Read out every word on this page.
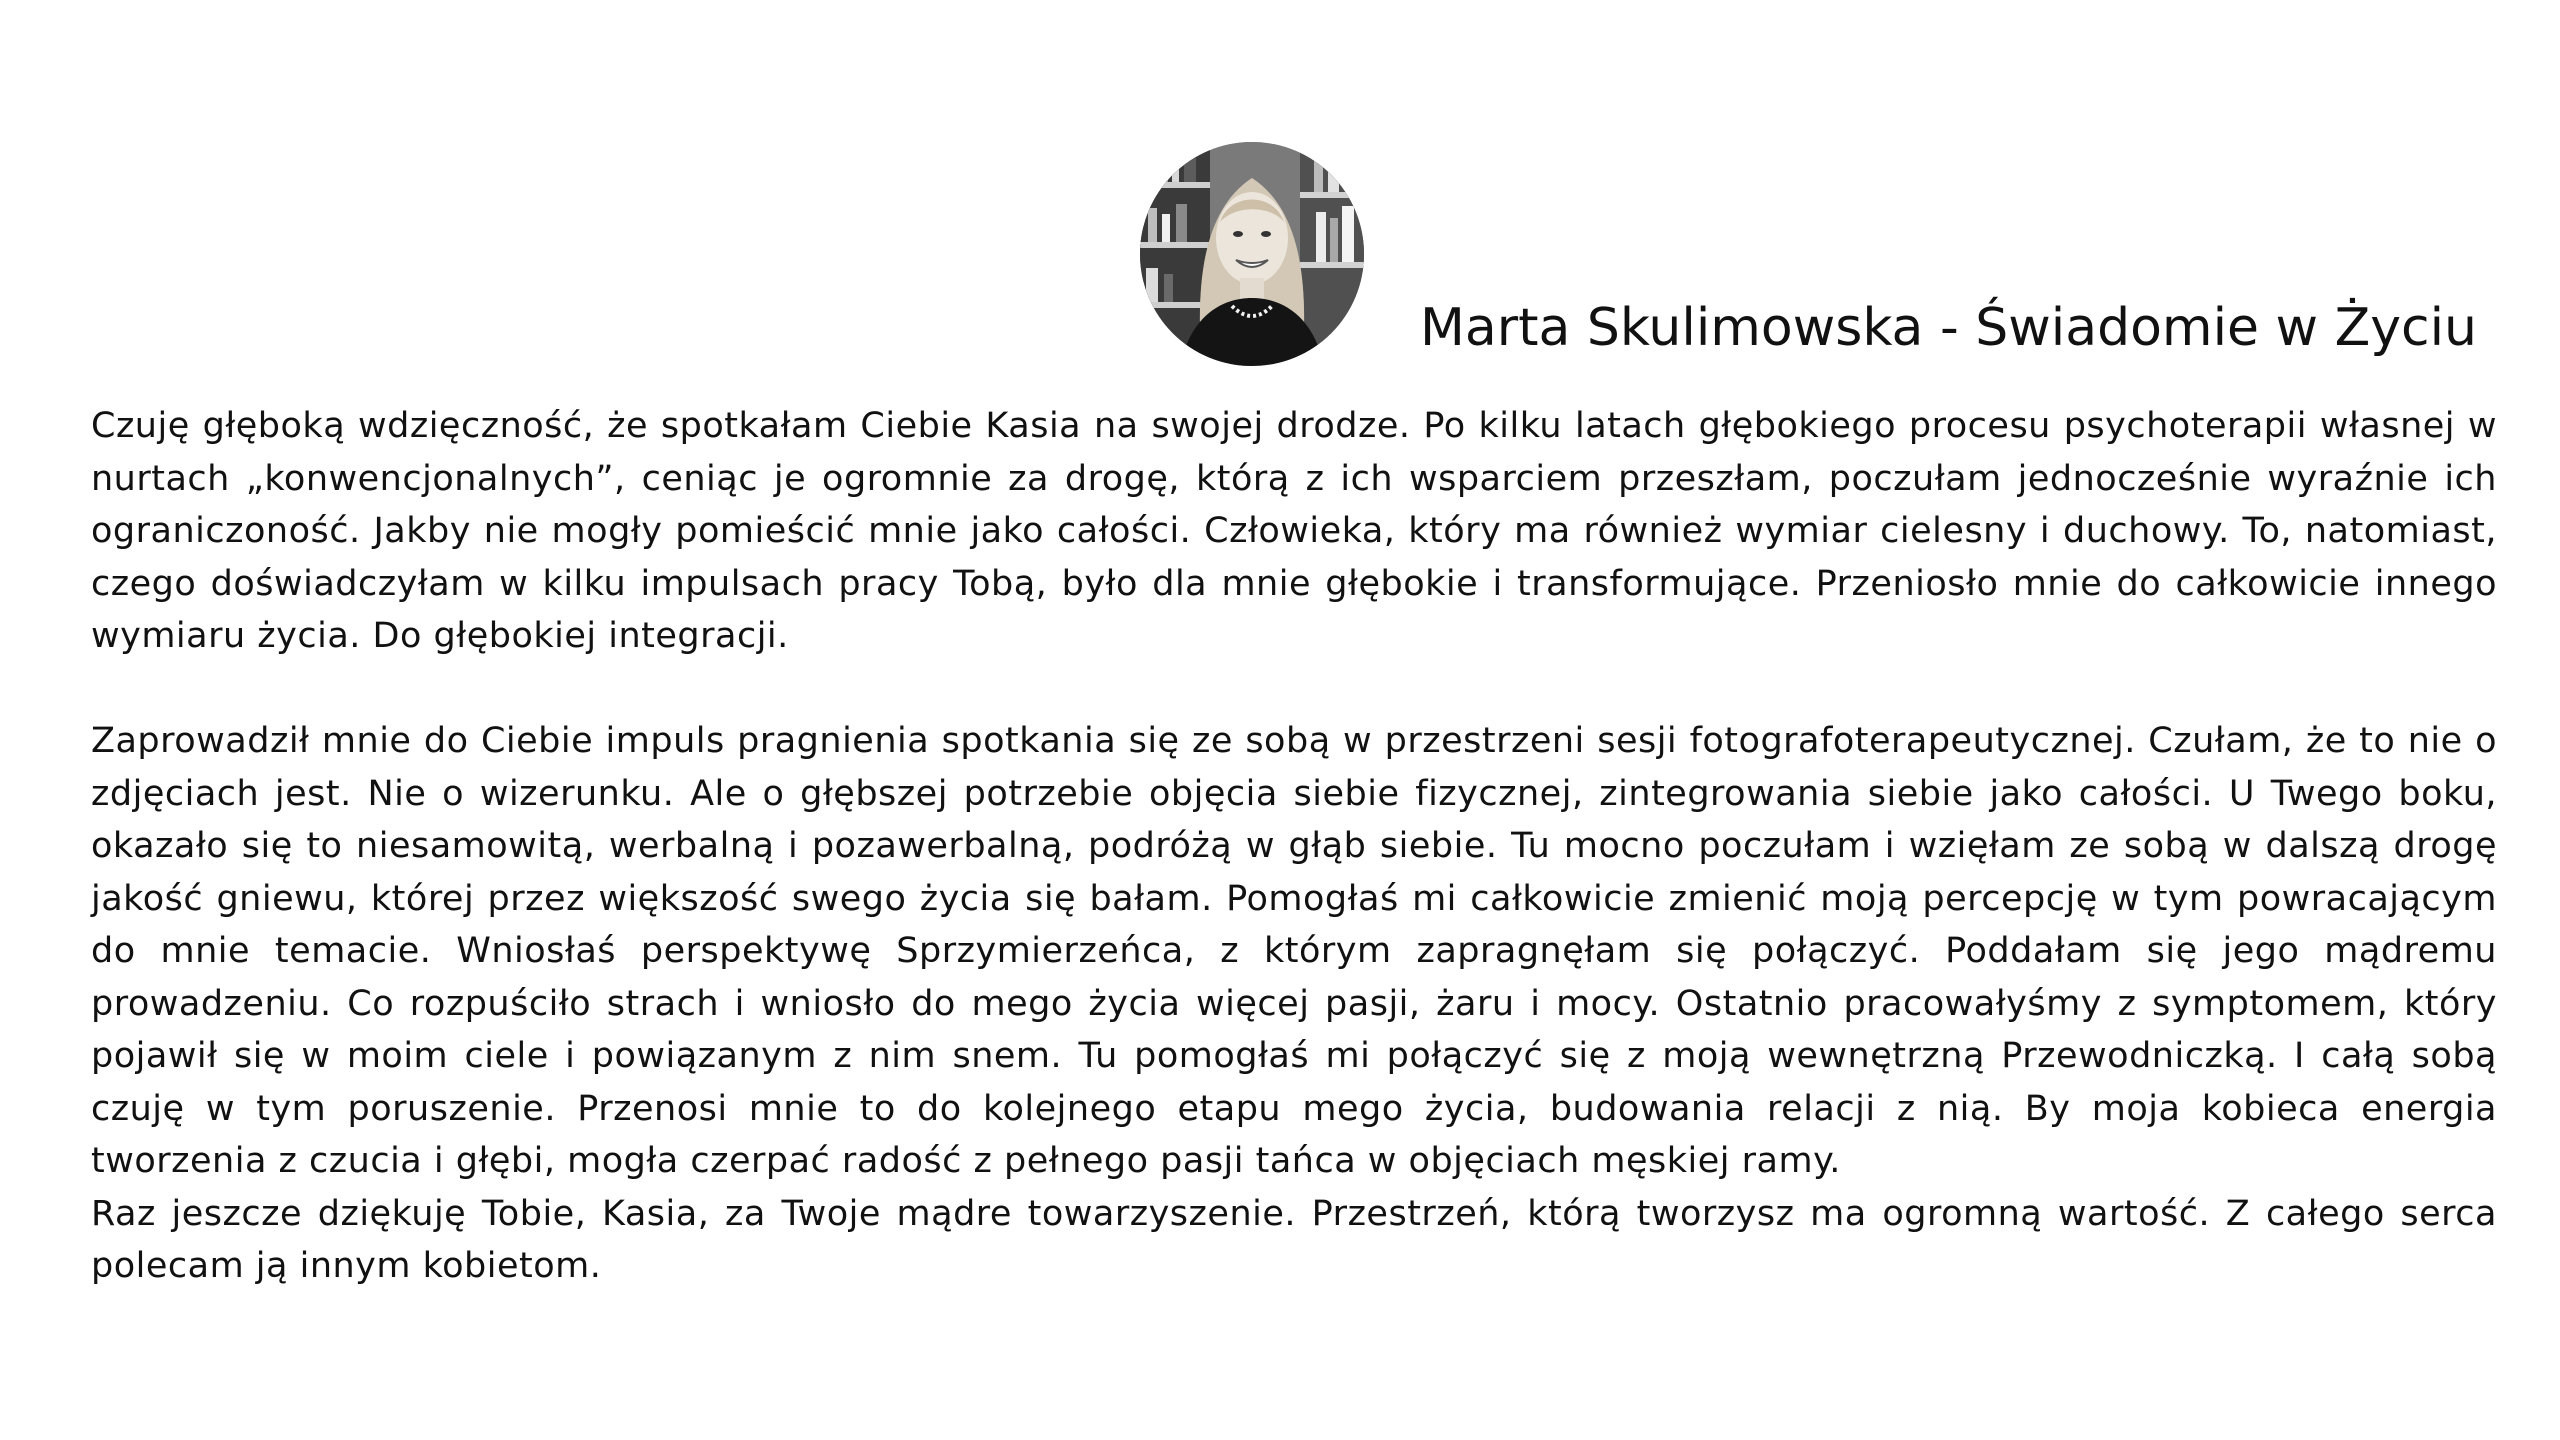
Marta Skulimowska - Świadomie w Życiu

Czuję głęboką wdzięczność, że spotkałam Ciebie Kasia na swojej drodze. Po kilku latach głębokiego procesu psychoterapii własnej w nurtach „konwencjonalnych”, ceniąc je ogromnie za drogę, którą z ich wsparciem przeszłam, poczułam jednocześnie wyraźnie ich ograniczoność. Jakby nie mogły pomieścić mnie jako całości. Człowieka, który ma również wymiar cielesny i duchowy. To, natomiast, czego doświadczyłam w kilku impulsach pracy Tobą, było dla mnie głębokie i transformujące. Przeniosło mnie do całkowicie innego wymiaru życia. Do głębokiej integracji.

Zaprowadził mnie do Ciebie impuls pragnienia spotkania się ze sobą w przestrzeni sesji fotografoterapeutycznej. Czułam, że to nie o zdjęciach jest. Nie o wizerunku. Ale o głębszej potrzebie objęcia siebie fizycznej, zintegrowania siebie jako całości. U Twego boku, okazało się to niesamowitą, werbalną i pozawerbalną, podróżą w głąb siebie. Tu mocno poczułam i wzięłam ze sobą w dalszą drogę jakość gniewu, której przez większość swego życia się bałam. Pomogłaś mi całkowicie zmienić moją percepcję w tym powracającym do mnie temacie. Wniosłaś perspektywę Sprzymierzeńca, z którym zapragnęłam się połączyć. Poddałam się jego mądremu prowadzeniu. Co rozpuściło strach i wniosło do mego życia więcej pasji, żaru i mocy. Ostatnio pracowałyśmy z symptomem, który pojawił się w moim ciele i powiązanym z nim snem. Tu pomogłaś mi połączyć się z moją wewnętrzną Przewodniczką. I całą sobą czuję w tym poruszenie. Przenosi mnie to do kolejnego etapu mego życia, budowania relacji z nią. By moja kobieca energia tworzenia z czucia i głębi, mogła czerpać radość z pełnego pasji tańca w objęciach męskiej ramy.

Raz jeszcze dziękuję Tobie, Kasia, za Twoje mądre towarzyszenie. Przestrzeń, którą tworzysz ma ogromną wartość. Z całego serca polecam ją innym kobietom.
